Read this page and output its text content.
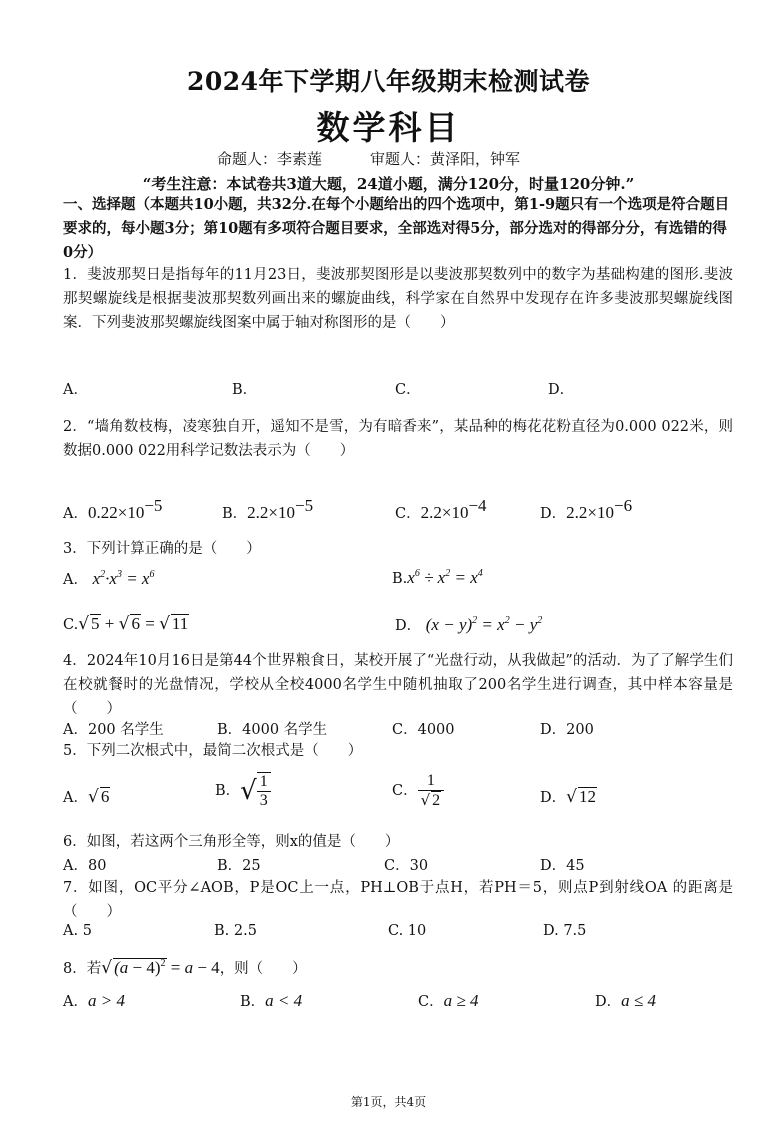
2024年下学期八年级期末检测试卷
数学科目
命题人：李素莲	审题人：黄泽阳，钟军
“考生注意：本试卷共3道大题，24道小题，满分120分，时量120分钟.”
一、选择题（本题共10小题，共32分.在每个小题给出的四个选项中，第1-9题只有一个选项是符合题目要求的，每小题3分；第10题有多项符合题目要求，全部选对得5分，部分选对的得部分分，有选错的得0分）
1．斐波那契日是指每年的11月23日，斐波那契图形是以斐波那契数列中的数字为基础构建的图形.斐波那契螺旋线是根据斐波那契数列画出来的螺旋曲线，科学家在自然界中发现存在许多斐波那契螺旋线图案．下列斐波那契螺旋线图案中属于轴对称图形的是（　　）
A．	B．	C．	D．
2．“墙角数枝梅，凌寒独自开，遥知不是雪，为有暗香来”，某品种的梅花花粉直径为0.000 022米，则数据0.000 022用科学记数法表示为（　　）
A．$0.22\times 10^{-5}$	B．$2.2\times 10^{-5}$	C．$2.2\times 10^{-4}$	D．$2.2\times 10^{-6}$
3．下列计算正确的是（　　）
A． $x^2\cdot x^3 = x^6$	$B.x^6 \div x^2 = x^4$
C.√ 5 + √ 6 = √ 11	D． $(x - y)^2 = x^2 - y^2$
4．2024年10月16日是第44个世界粮食日，某校开展了“光盘行动，从我做起”的活动．为了了解学生们在校就餐时的光盘情况，学校从全校4000名学生中随机抽取了200名学生进行调查，其中样本容量是（　　）
A．200 名学生	B．4000 名学生	C．4000	D．200
5．下列二次根式中，最简二次根式是（　　）
A．√ 6	B．√ $\frac{1}{3}$	C． $\frac{1}{√ 2}$	D．√ 12
6．如图，若这两个三角形全等，则x的值是（　　）
A．80	B．25	C．30	D．45
7．如图，OC平分∠AOB，P是OC上一点，PH⊥OB于点H，若PH＝5，则点P到射线OA 的距离是（　　）
A. 5	B. 2.5	C. 10	D. 7.5
8．若√ $(a - 4)^2 = a - 4$，则（　　）
A．a > 4	B．a < 4	C．a ≥ 4	D．a ≤ 4
第1页，共4页
